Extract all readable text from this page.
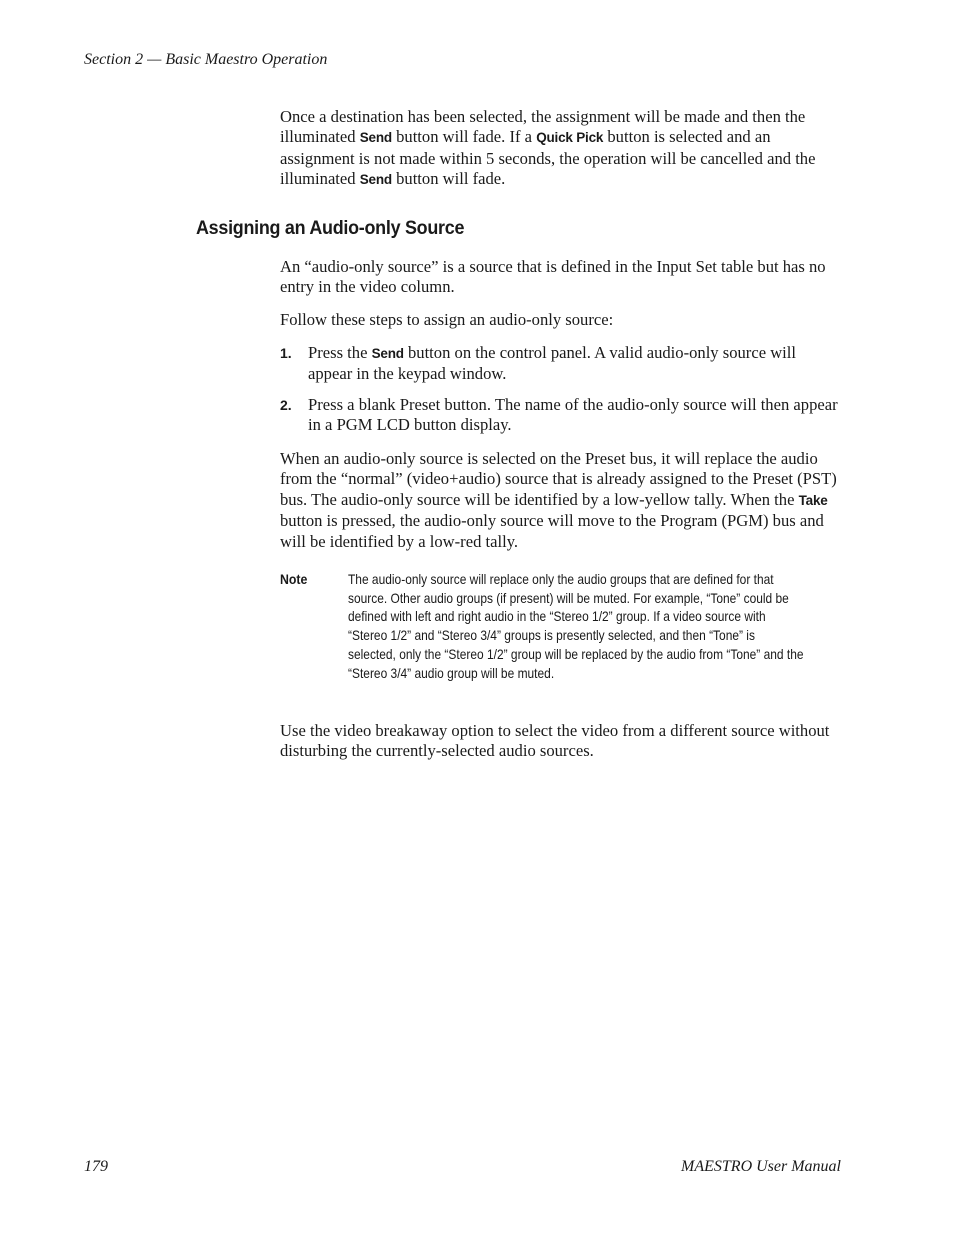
Section 2 — Basic Maestro Operation

Once a destination has been selected, the assignment will be made and then the illuminated Send button will fade. If a Quick Pick button is selected and an assignment is not made within 5 seconds, the operation will be cancelled and the illuminated Send button will fade.

Assigning an Audio-only Source

An “audio-only source” is a source that is defined in the Input Set table but has no entry in the video column.

Follow these steps to assign an audio-only source:

1. Press the Send button on the control panel. A valid audio-only source will appear in the keypad window.
2. Press a blank Preset button. The name of the audio-only source will then appear in a PGM LCD button display.

When an audio-only source is selected on the Preset bus, it will replace the audio from the “normal” (video+audio) source that is already assigned to the Preset (PST) bus. The audio-only source will be identified by a low-yellow tally. When the Take button is pressed, the audio-only source will move to the Program (PGM) bus and will be identified by a low-red tally.

Note	The audio-only source will replace only the audio groups that are defined for that source. Other audio groups (if present) will be muted. For example, “Tone” could be defined with left and right audio in the “Stereo 1/2” group. If a video source with “Stereo 1/2” and “Stereo 3/4” groups is presently selected, and then “Tone” is selected, only the “Stereo 1/2” group will be replaced by the audio from “Tone” and the “Stereo 3/4” audio group will be muted.

Use the video breakaway option to select the video from a different source without disturbing the currently-selected audio sources.

179	MAESTRO User Manual
